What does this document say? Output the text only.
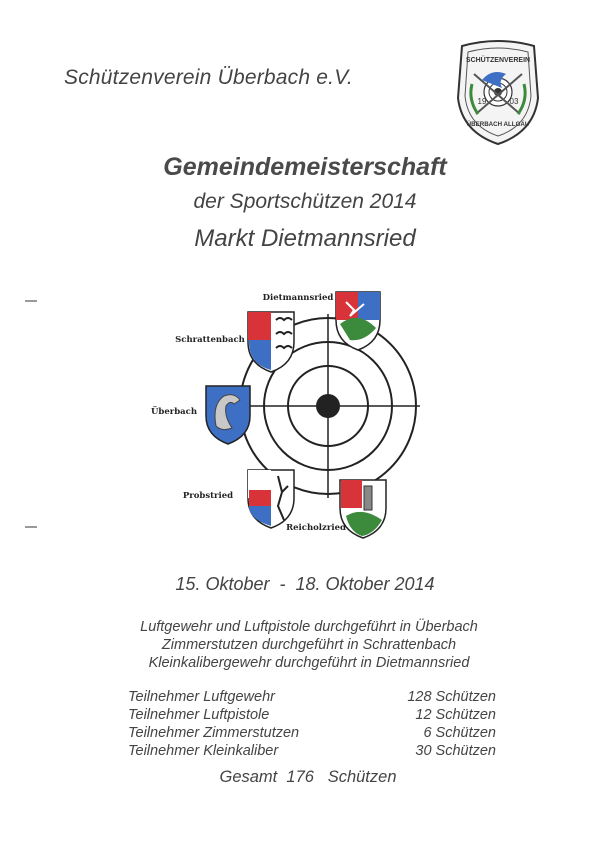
Schützenverein Überbach e.V.
SCHÜTZENVEREIN
19	03
ÜBERBACH ALLGÄU
Gemeindemeisterschaft
der Sportschützen 2014
Markt Dietmannsried
Dietmannsried
Schrattenbach
Überbach
Probstried
Reicholzried
15. Oktober  -  18. Oktober 2014
Luftgewehr und Luftpistole durchgeführt in Überbach
Zimmerstutzen durchgeführt in Schrattenbach
Kleinkalibergewehr durchgeführt in Dietmannsried
Teilnehmer Luftgewehr	128 Schützen
Teilnehmer Luftpistole	12 Schützen
Teilnehmer Zimmerstutzen	6 Schützen
Teilnehmer Kleinkaliber	30 Schützen
Gesamt  176   Schützen
